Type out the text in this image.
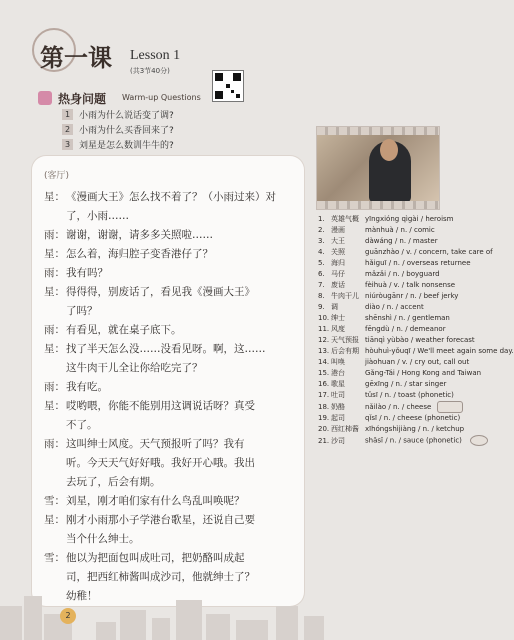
第一课 Lesson 1
(共3节40分)
热身问题 Warm-up Questions
1 小雨为什么说话变了调?
2 小雨为什么买香回来了?
3 刘星是怎么数训牛牛的?
(客厅)
星：《漫画大王》怎么找不着了？（小雨过来）对
了，小雨……
雨：谢谢，谢谢，请多多关照啦……
星：怎么着，海归腔子变香港仔了？
雨：我有吗？
星：得得得，别废话了，看见我《漫画大王》
了吗？
雨：有看见，就在桌子底下。
星：找了半天怎么没……没看见呀。啊，这……
这牛肉干儿全让你给吃完了？
雨：我有吃。
星：哎哟喂，你能不能别用这调说话呀？真受
不了。
雨：这叫绅士风度。天气预报听了吗？我有
听。今天天气好好哦。我好开心哦。我出
去玩了，后会有期。
雪：刘星，刚才咱们家有什么鸟乱叫唤呢？
星：刚才小雨那小子学港台歌星，还说自己要
当个什么绅士。
雪：他以为把面包叫成吐司，把奶酪叫成起
司，把西红柿酱叫成沙司，他就绅士了？
幼稚！
1. 英雄气概 yīngxióng qìgài / heroism
2. 漫画	mànhuà / n. / comic
3. 大王	dàwáng / n. / master
4. 关照	guānzhào / v. / concern, take care of
5. 海归	hǎiguī / n. / overseas returnee
6. 马仔	mǎzǎi / n. / boyguard
7. 废话	fèihuà / v. / talk nonsense
8. 牛肉干儿 niúròugānr / n. / beef jerky
9. 调	diào / n. / accent
10. 绅士	shēnshì / n. / gentleman
11. 风度	fēngdù / n. / demeanor
12. 天气预报 tiānqì yùbào / weather forecast
13. 后会有期 hòuhuì-yǒuqī / We'll meet again some day.
14. 叫唤	jiàohuan / v. / cry out, call out
15. 港台	Gǎng-Tái / Hong Kong and Taiwan
16. 歌星	gēxīng / n. / star singer
17. 吐司	tǔsī / n. / toast (phonetic)
18. 奶酪	nǎilào / n. / cheese
19. 起司	qǐsī / n. / cheese (phonetic)
20. 西红柿酱 xīhóngshìjiàng / n. / ketchup
21. 沙司	shāsī / n. / sauce (phonetic)
2
